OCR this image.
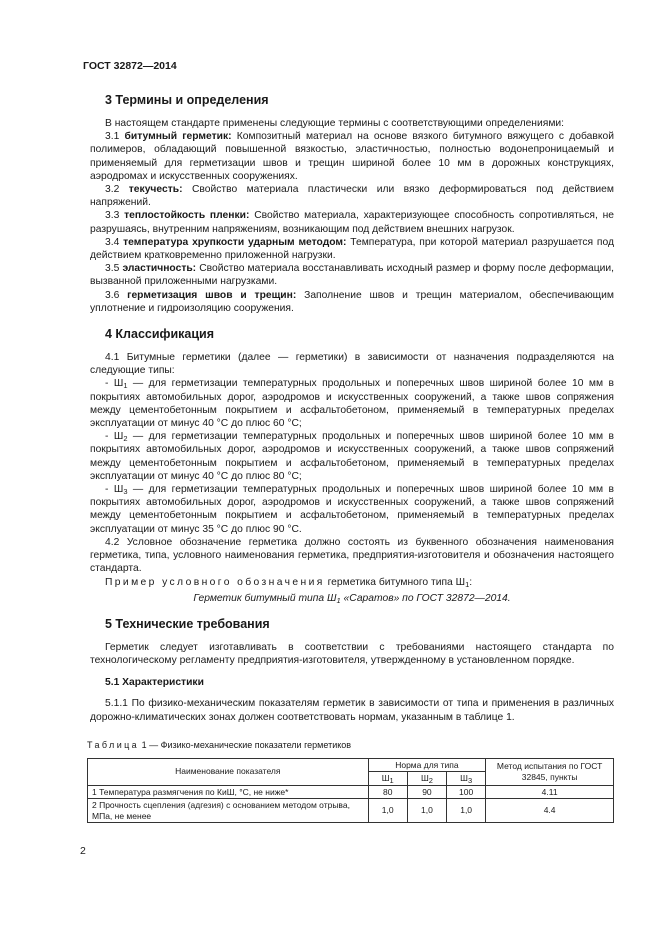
ГОСТ 32872—2014
3 Термины и определения

В настоящем стандарте применены следующие термины с соответствующими определениями:

3.1 битумный герметик: Композитный материал на основе вязкого битумного вяжущего с добавкой полимеров, обладающий повышенной вязкостью, эластичностью, полностью водонепроницаемый и применяемый для герметизации швов и трещин шириной более 10 мм в дорожных конструкциях, аэродромах и искусственных сооружениях.

3.2 текучесть: Свойство материала пластически или вязко деформироваться под действием напряжений.

3.3 теплостойкость пленки: Свойство материала, характеризующее способность сопротивляться, не разрушаясь, внутренним напряжениям, возникающим под действием внешних нагрузок.

3.4 температура хрупкости ударным методом: Температура, при которой материал разрушается под действием кратковременно приложенной нагрузки.

3.5 эластичность: Свойство материала восстанавливать исходный размер и форму после деформации, вызванной приложенными нагрузками.

3.6 герметизация швов и трещин: Заполнение швов и трещин материалом, обеспечивающим уплотнение и гидроизоляцию сооружения.

4 Классификация

4.1 Битумные герметики (далее — герметики) в зависимости от назначения подразделяются на следующие типы:

- $Ш_1$ — для герметизации температурных продольных и поперечных швов шириной более 10 мм в покрытиях автомобильных дорог, аэродромов и искусственных сооружений, а также швов сопряжения между цементобетонным покрытием и асфальтобетоном, применяемый в температурных пределах эксплуатации от минус 40 °С до плюс 60 °С;

- $Ш_2$ — для герметизации температурных продольных и поперечных швов шириной более 10 мм в покрытиях автомобильных дорог, аэродромов и искусственных сооружений, а также швов сопряжений между цементобетонным покрытием и асфальтобетоном, применяемый в температурных пределах эксплуатации от минус 40 °С до плюс 80 °С;

- $Ш_3$ — для герметизации температурных продольных и поперечных швов шириной более 10 мм в покрытиях автомобильных дорог, аэродромов и искусственных сооружений, а также швов сопряжений между цементобетонным покрытием и асфальтобетоном, применяемый в температурных пределах эксплуатации от минус 35 °С до плюс 90 °С.

4.2 Условное обозначение герметика должно состоять из буквенного обозначения наименования герметика, типа, условного наименования герметика, предприятия-изготовителя и обозначения настоящего стандарта.

Пример условного обозначения герметика битумного типа $Ш_1$:

Герметик битумный типа $Ш_1$ «Саратов» по ГОСТ 32872—2014.

5 Технические требования

Герметик следует изготавливать в соответствии с требованиями настоящего стандарта по технологическому регламенту предприятия-изготовителя, утвержденному в установленном порядке.

5.1 Характеристики

5.1.1 По физико-механическим показателям герметик в зависимости от типа и применения в различных дорожно-климатических зонах должен соответствовать нормам, указанным в таблице 1.

Таблица 1 — Физико-механические показатели герметиков
Наименование показателя	Норма для типа			Метод испытания по ГОСТ 32845, пункты
	$Ш_1$	$Ш_2$	$Ш_3$
1 Температура размягчения по КиШ, °С, не ниже*	80	90	100	4.11
2 Прочность сцепления (адгезия) с основанием методом отрыва, МПа, не менее	1,0	1,0	1,0	4.4
2
